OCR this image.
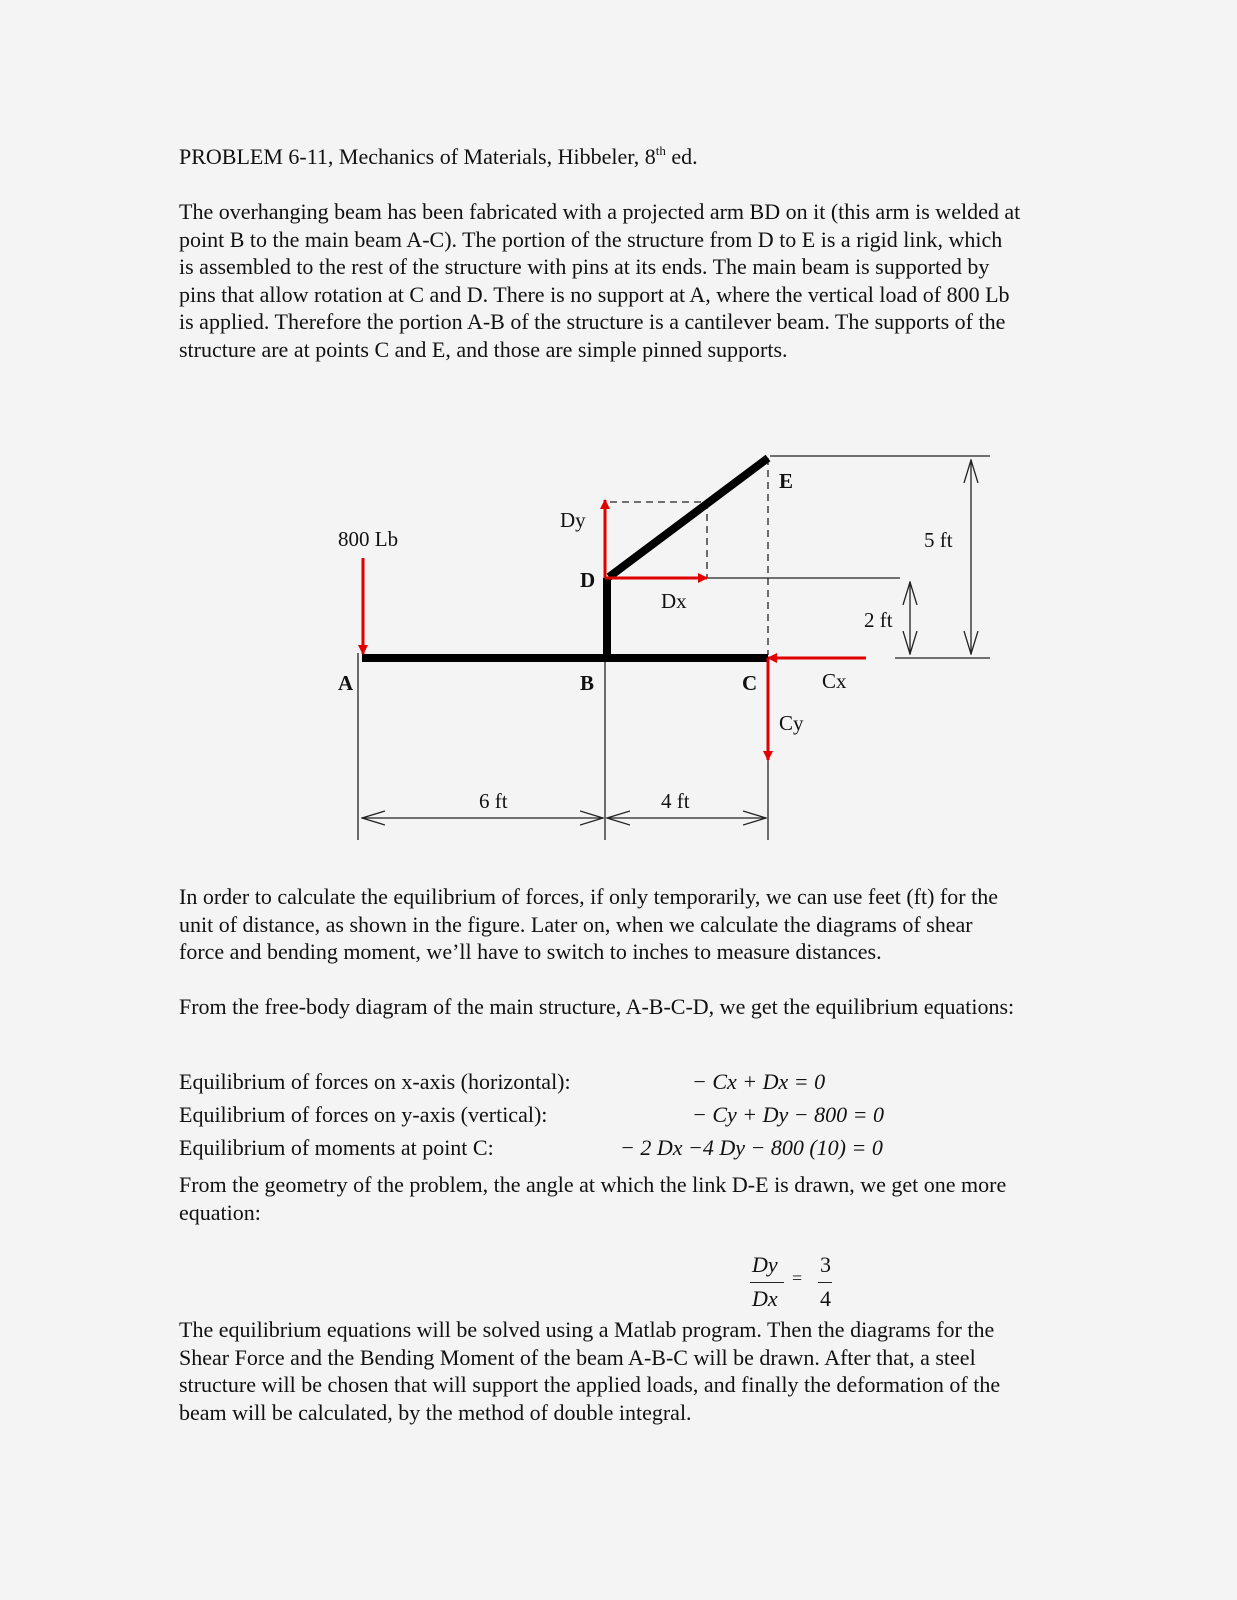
PROBLEM 6-11, Mechanics of Materials, Hibbeler, 8th ed.
The overhanging beam has been fabricated with a projected arm BD on it (this arm is welded at
point B to the main beam A-C). The portion of the structure from D to E is a rigid link, which
is assembled to the rest of the structure with pins at its ends. The main beam is supported by
pins that allow rotation at C and D. There is no support at A, where the vertical load of 800 Lb
is applied. Therefore the portion A-B of the structure is a cantilever beam. The supports of the
structure are at points C and E, and those are simple pinned supports.
A	B	C
D
E
800 Lb
Dy
Dx
Cx
Cy
6 ft	4 ft
2 ft
5 ft
In order to calculate the equilibrium of forces, if only temporarily, we can use feet (ft) for the
unit of distance, as shown in the figure. Later on, when we calculate the diagrams of shear
force and bending moment, we’ll have to switch to inches to measure distances.
From the free-body diagram of the main structure, A-B-C-D, we get the equilibrium equations:
Equilibrium of forces on x-axis (horizontal):	− Cx + Dx = 0
Equilibrium of forces on y-axis (vertical):	− Cy + Dy − 800 = 0
Equilibrium of moments at point C:	− 2 Dx −4 Dy − 800 (10) = 0
From the geometry of the problem, the angle at which the link D-E is drawn, we get one more
equation:
Dy
Dx
=
3
4
The equilibrium equations will be solved using a Matlab program. Then the diagrams for the
Shear Force and the Bending Moment of the beam A-B-C will be drawn. After that, a steel
structure will be chosen that will support the applied loads, and finally the deformation of the
beam will be calculated, by the method of double integral.
